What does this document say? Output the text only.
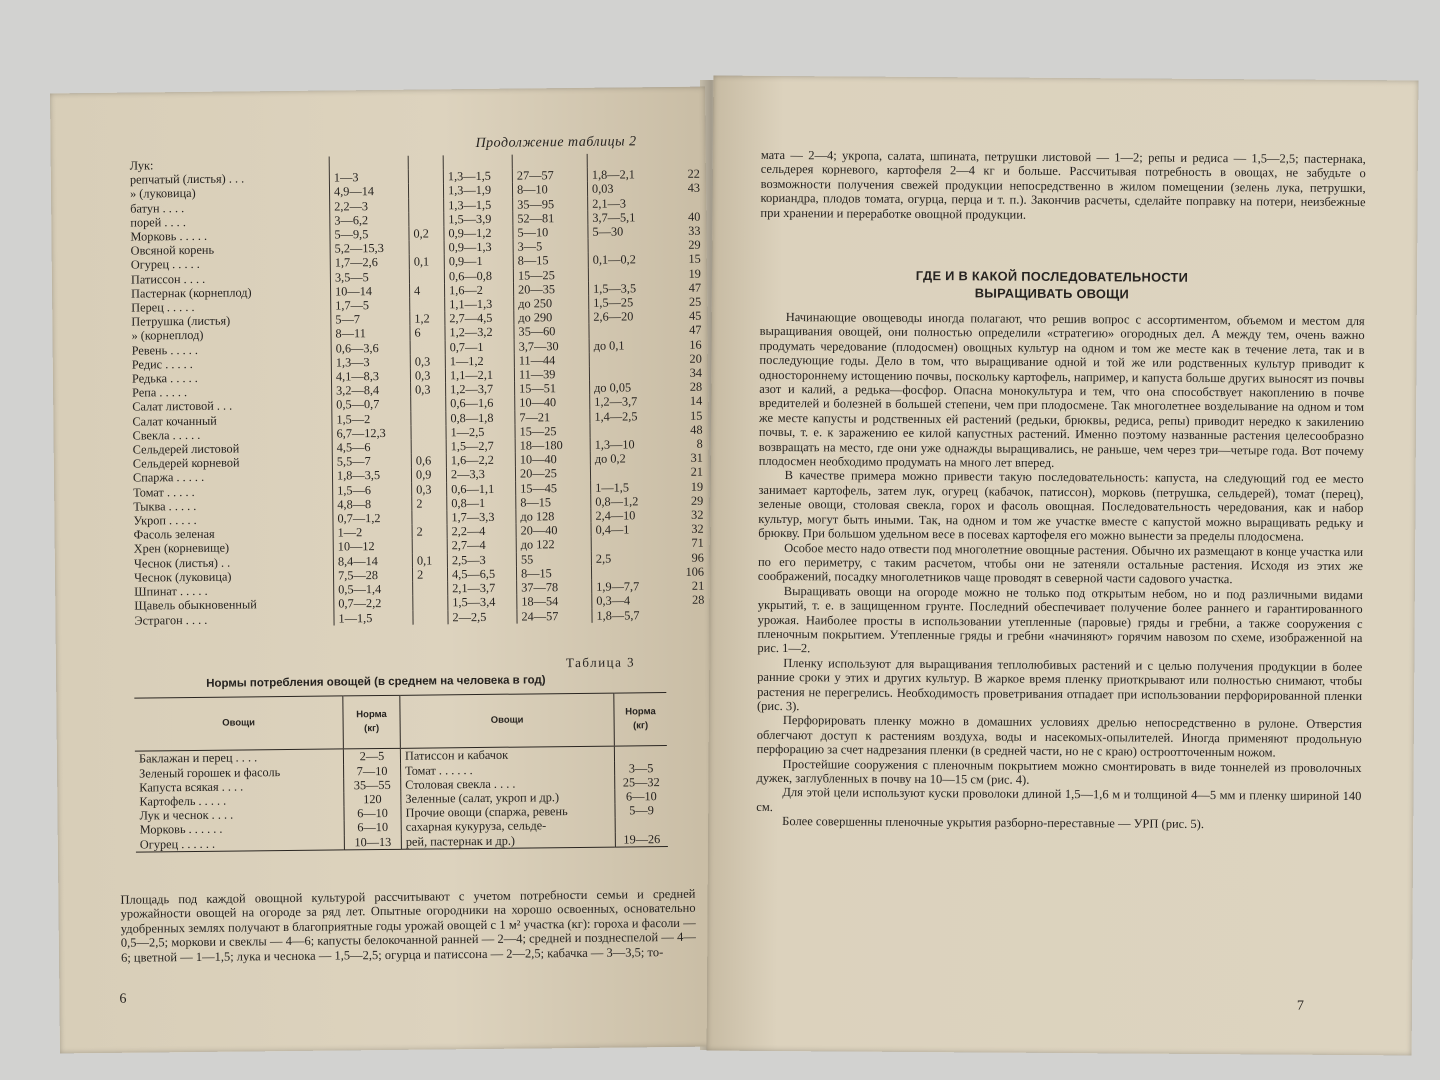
Продолжение таблицы 2
Лук:						
репчатый (листья) . . .	1—3		1,3—1,5	27—57	1,8—2,1	22
» (луковица)	4,9—14		1,3—1,9	8—10	0,03	43
батун . . . .	2,2—3		1,3—1,5	35—95	2,1—3	
порей . . . .	3—6,2		1,5—3,9	52—81	3,7—5,1	40
Морковь . . . . .	5—9,5	0,2	0,9—1,2	5—10	5—30	33
Овсяной корень	5,2—15,3		0,9—1,3	3—5		29
Огурец . . . . .	1,7—2,6	0,1	0,9—1	8—15	0,1—0,2	15
Патиссон . . . .	3,5—5		0,6—0,8	15—25		19
Пастернак (корнеплод)	10—14	4	1,6—2	20—35	1,5—3,5	47
Перец . . . . .	1,7—5		1,1—1,3	до 250	1,5—25	25
Петрушка (листья)	5—7	1,2	2,7—4,5	до 290	2,6—20	45
» (корнеплод)	8—11	6	1,2—3,2	35—60		47
Ревень . . . . .	0,6—3,6		0,7—1	3,7—30	до 0,1	16
Редис . . . . .	1,3—3	0,3	1—1,2	11—44		20
Редька . . . . .	4,1—8,3	0,3	1,1—2,1	11—39		34
Репа . . . . .	3,2—8,4	0,3	1,2—3,7	15—51	до 0,05	28
Салат листовой . . .	0,5—0,7		0,6—1,6	10—40	1,2—3,7	14
Салат кочанный	1,5—2		0,8—1,8	7—21	1,4—2,5	15
Свекла . . . . .	6,7—12,3		1—2,5	15—25		48
Сельдерей листовой	4,5—6		1,5—2,7	18—180	1,3—10	8
Сельдерей корневой	5,5—7	0,6	1,6—2,2	10—40	до 0,2	31
Спаржа . . . . .	1,8—3,5	0,9	2—3,3	20—25		21
Томат . . . . .	1,5—6	0,3	0,6—1,1	15—45	1—1,5	19
Тыква . . . . .	4,8—8	2	0,8—1	8—15	0,8—1,2	29
Укроп . . . . .	0,7—1,2		1,7—3,3	до 128	2,4—10	32
Фасоль зеленая	1—2	2	2,2—4	20—40	0,4—1	32
Хрен (корневище)	10—12		2,7—4	до 122		71
Чеснок (листья) . .	8,4—14	0,1	2,5—3	55	2,5	96
Чеснок (луковица)	7,5—28	2	4,5—6,5	8—15		106
Шпинат . . . . .	0,5—1,4		2,1—3,7	37—78	1,9—7,7	21
Щавель обыкновенный	0,7—2,2		1,5—3,4	18—54	0,3—4	28
Эстрагон . . . .	1—1,5		2—2,5	24—57	1,8—5,7	
Таблица 3
Нормы потребления овощей (в среднем на человека в год)
Овощи	Норма (кг)	Овощи	Норма (кг)
Баклажан и перец . . . .	2—5	Патиссон и кабачок	
Зеленый горошек и фасоль	7—10	Томат . . . . . .	3—5
Капуста всякая . . . .	35—55	Столовая свекла . . . .	25—32
Картофель . . . . .	120	Зеленные (салат, укроп и др.)	6—10
Лук и чеснок . . . .	6—10	Прочие овощи (спаржа, ревень	5—9
Морковь . . . . . .	6—10	сахарная кукуруза, сельде-	
Огурец . . . . . .	10—13	рей, пастернак и др.)	19—26
Площадь под каждой овощной культурой рассчитывают с учетом потребности семьи и средней урожайности овощей на огороде за ряд лет. Опытные огородники на хорошо освоенных, основательно удобренных землях получают в благоприятные годы урожай овощей с 1 м² участка (кг): гороха и фасоли — 0,5—2,5; моркови и свеклы — 4—6; капусты белокочанной ранней — 2—4; средней и позднеспелой — 4—6; цветной — 1—1,5; лука и чеснока — 1,5—2,5; огурца и патиссона — 2—2,5; кабачка — 3—3,5; то-
6
мата — 2—4; укропа, салата, шпината, петрушки листовой — 1—2; репы и редиса — 1,5—2,5; пастернака, сельдерея корневого, картофеля 2—4 кг и больше. Рассчитывая потребность в овощах, не забудьте о возможности получения свежей продукции непосредственно в жилом помещении (зелень лука, петрушки, кориандра, плодов томата, огурца, перца и т. п.). Закончив расчеты, сделайте поправку на потери, неизбежные при хранении и переработке овощной продукции.
ГДЕ И В КАКОЙ ПОСЛЕДОВАТЕЛЬНОСТИ
ВЫРАЩИВАТЬ ОВОЩИ

Начинающие овощеводы иногда полагают, что решив вопрос с ассортиментом, объемом и местом для выращивания овощей, они полностью определили «стратегию» огородных дел. А между тем, очень важно продумать чередование (плодосмен) овощных культур на одном и том же месте как в течение лета, так и в последующие годы. Дело в том, что выращивание одной и той же или родственных культур приводит к одностороннему истощению почвы, поскольку картофель, например, и капуста больше других выносят из почвы азот и калий, а редька—фосфор. Опасна монокультура и тем, что она способствует накоплению в почве вредителей и болезней в большей степени, чем при плодосмене. Так многолетнее возделывание на одном и том же месте капусты и родственных ей растений (редьки, брюквы, редиса, репы) приводит нередко к закилению почвы, т. е. к заражению ее килой капустных растений. Именно поэтому названные растения целесообразно возвращать на место, где они уже однажды выращивались, не раньше, чем через три—четыре года. Вот почему плодосмен необходимо продумать на много лет вперед.

В качестве примера можно привести такую последовательность: капуста, на следующий год ее место занимает картофель, затем лук, огурец (кабачок, патиссон), морковь (петрушка, сельдерей), томат (перец), зеленые овощи, столовая свекла, горох и фасоль овощная. Последовательность чередования, как и набор культур, могут быть иными. Так, на одном и том же участке вместе с капустой можно выращивать редьку и брюкву. При большом удельном весе в посевах картофеля его можно вынести за пределы плодосмена.

Особое место надо отвести под многолетние овощные растения. Обычно их размещают в конце участка или по его периметру, с таким расчетом, чтобы они не затеняли остальные растения. Исходя из этих же соображений, посадку многолетников чаще проводят в северной части садового участка.

Выращивать овощи на огороде можно не только под открытым небом, но и под различными видами укрытий, т. е. в защищенном грунте. Последний обеспечивает получение более раннего и гарантированного урожая. Наиболее просты в использовании утепленные (паровые) гряды и гребни, а также сооружения с пленочным покрытием. Утепленные гряды и гребни «начиняют» горячим навозом по схеме, изображенной на рис. 1—2.

Пленку используют для выращивания теплолюбивых растений и с целью получения продукции в более ранние сроки у этих и других культур. В жаркое время пленку приоткрывают или полностью снимают, чтобы растения не перегрелись. Необходимость проветривания отпадает при использовании перфорированной пленки (рис. 3).

Перфорировать пленку можно в домашних условиях дрелью непосредственно в рулоне. Отверстия облегчают доступ к растениям воздуха, воды и насекомых-опылителей. Иногда применяют продольную перфорацию за счет надрезания пленки (в средней части, но не с краю) остроотточенным ножом.

Простейшие сооружения с пленочным покрытием можно смонтировать в виде тоннелей из проволочных дужек, заглубленных в почву на 10—15 см (рис. 4).

Для этой цели используют куски проволоки длиной 1,5—1,6 м и толщиной 4—5 мм и пленку шириной 140 см.

Более совершенны пленочные укрытия разборно-переставные — УРП (рис. 5).

7
